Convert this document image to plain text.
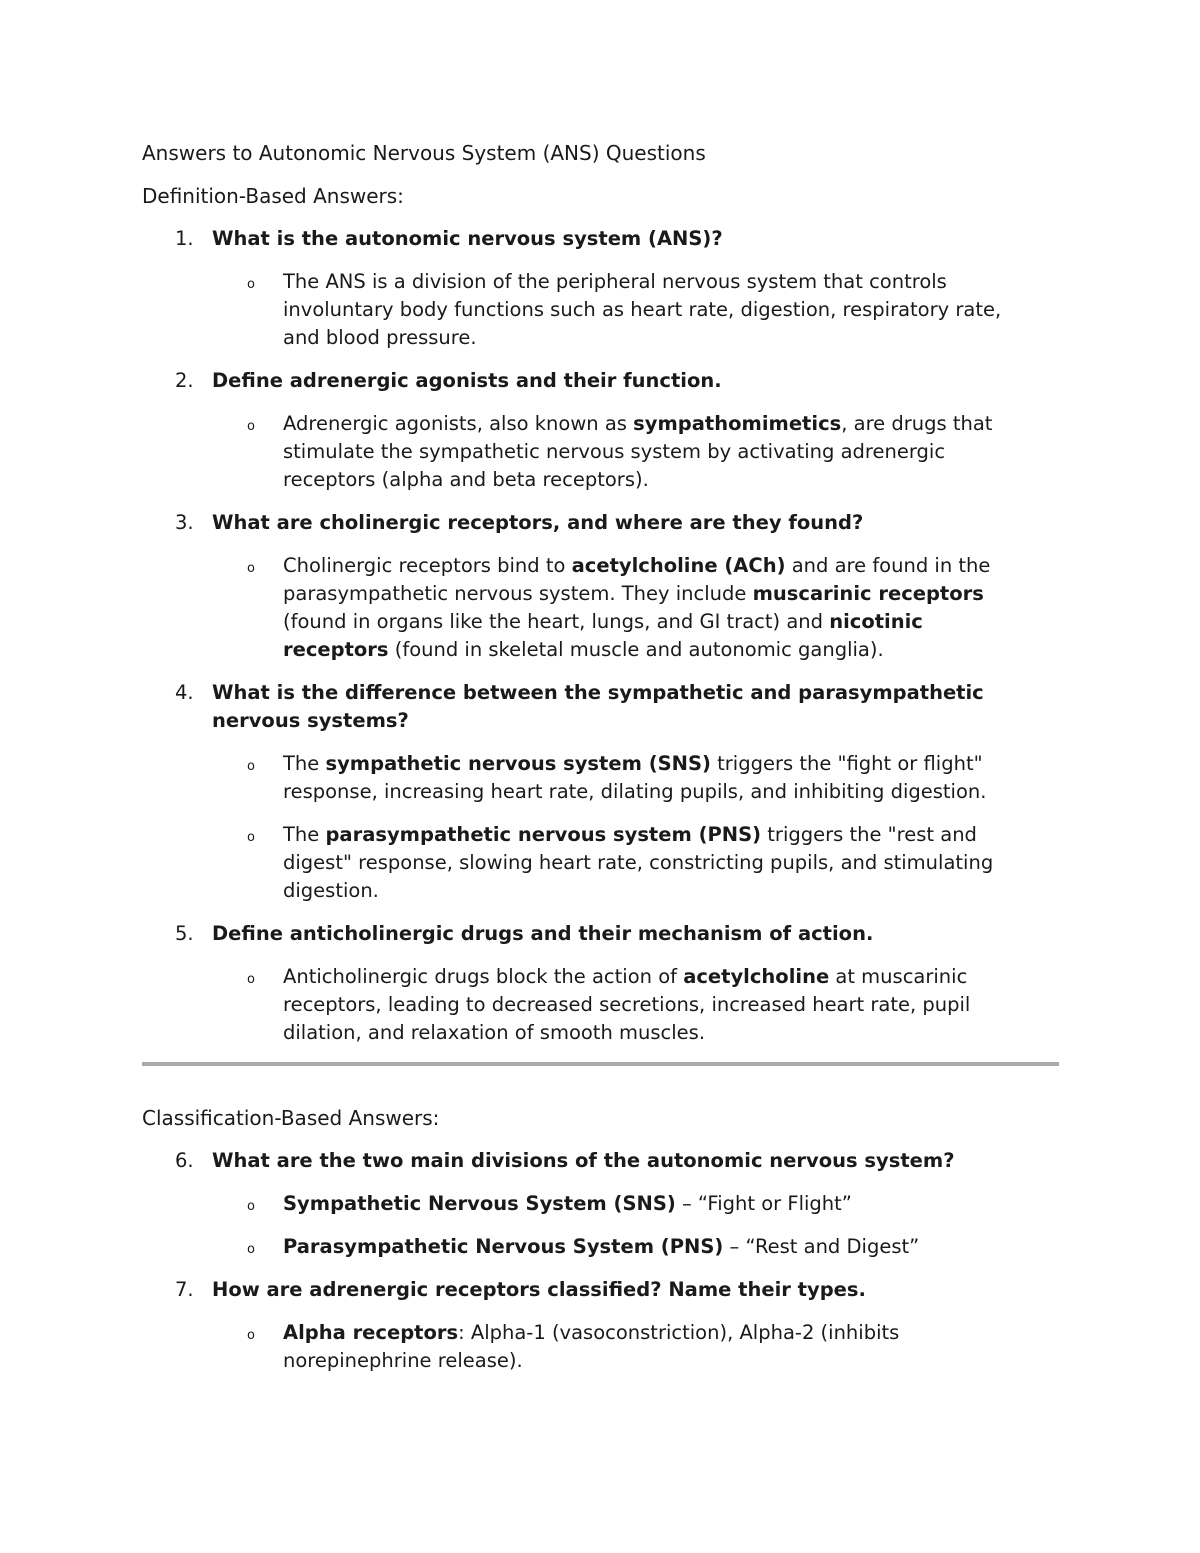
Answers to Autonomic Nervous System (ANS) Questions
Definition-Based Answers:
1. What is the autonomic nervous system (ANS)?
o	The ANS is a division of the peripheral nervous system that controls involuntary body functions such as heart rate, digestion, respiratory rate, and blood pressure.
2. Define adrenergic agonists and their function.
o	Adrenergic agonists, also known as sympathomimetics, are drugs that stimulate the sympathetic nervous system by activating adrenergic receptors (alpha and beta receptors).
3. What are cholinergic receptors, and where are they found?
o	Cholinergic receptors bind to acetylcholine (ACh) and are found in the parasympathetic nervous system. They include muscarinic receptors (found in organs like the heart, lungs, and GI tract) and nicotinic receptors (found in skeletal muscle and autonomic ganglia).
4. What is the difference between the sympathetic and parasympathetic nervous systems?
o	The sympathetic nervous system (SNS) triggers the "fight or flight" response, increasing heart rate, dilating pupils, and inhibiting digestion.
o	The parasympathetic nervous system (PNS) triggers the "rest and digest" response, slowing heart rate, constricting pupils, and stimulating digestion.
5. Define anticholinergic drugs and their mechanism of action.
o	Anticholinergic drugs block the action of acetylcholine at muscarinic receptors, leading to decreased secretions, increased heart rate, pupil dilation, and relaxation of smooth muscles.
Classification-Based Answers:
6. What are the two main divisions of the autonomic nervous system?
o	Sympathetic Nervous System (SNS) – “Fight or Flight”
o	Parasympathetic Nervous System (PNS) – “Rest and Digest”
7. How are adrenergic receptors classified? Name their types.
o	Alpha receptors: Alpha-1 (vasoconstriction), Alpha-2 (inhibits norepinephrine release).
